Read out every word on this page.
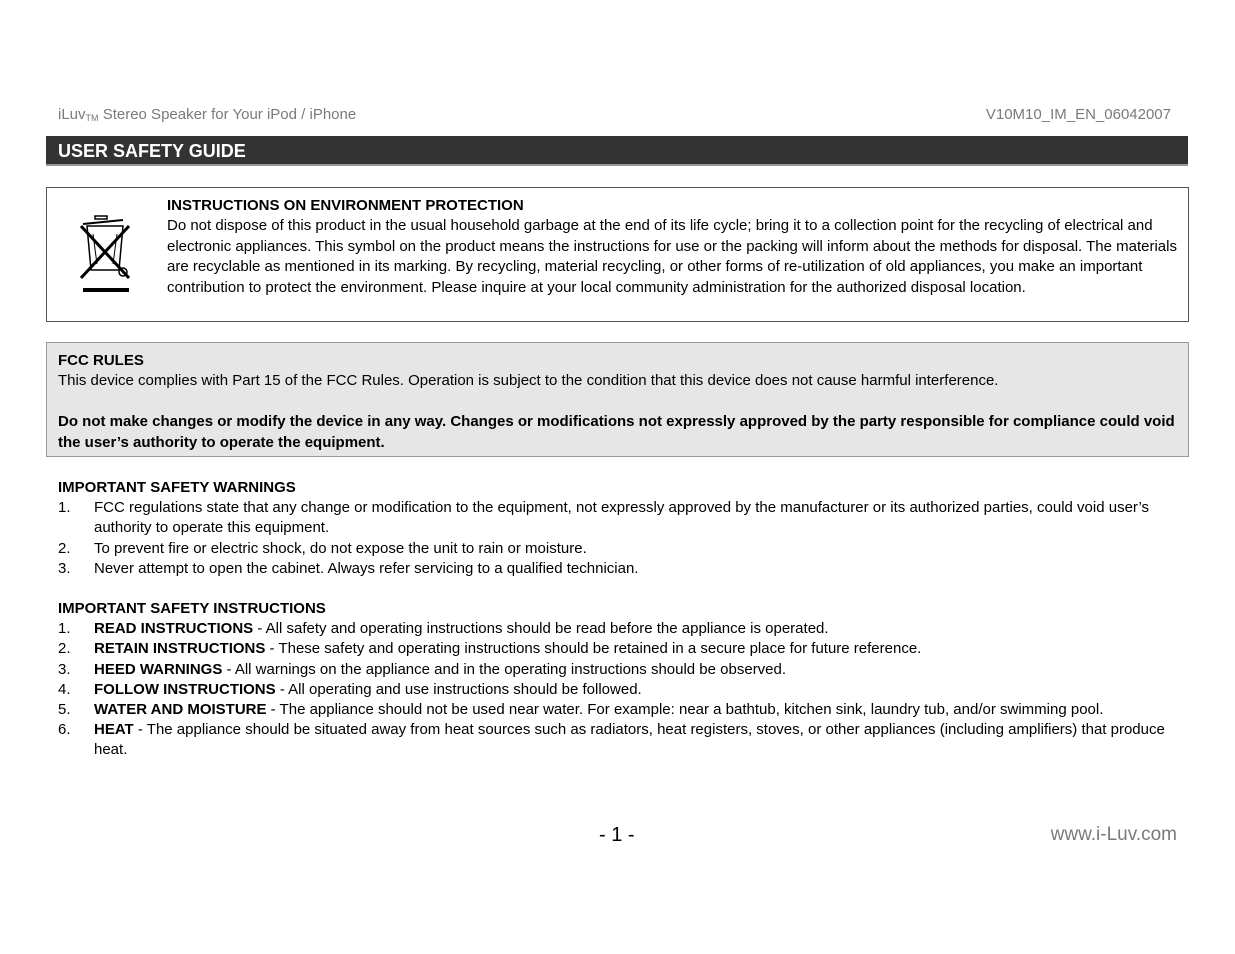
iLuv$_{TM}$ Stereo Speaker for Your iPod / iPhone	V10M10_IM_EN_06042007
USER SAFETY GUIDE
INSTRUCTIONS ON ENVIRONMENT PROTECTION
Do not dispose of this product in the usual household garbage at the end of its life cycle; bring it to a collection point for the recycling of electrical and electronic appliances. This symbol on the product means the instructions for use or the packing will inform about the methods for disposal. The materials are recyclable as mentioned in its marking. By recycling, material recycling, or other forms of re-utilization of old appliances, you make an important contribution to protect the environment. Please inquire at your local community administration for the authorized disposal location.
FCC RULES
This device complies with Part 15 of the FCC Rules. Operation is subject to the condition that this device does not cause harmful interference.
Do not make changes or modify the device in any way. Changes or modifications not expressly approved by the party responsible for compliance could void the user’s authority to operate the equipment.
IMPORTANT SAFETY WARNINGS
1. FCC regulations state that any change or modification to the equipment, not expressly approved by the manufacturer or its authorized parties, could void user’s authority to operate this equipment.
2. To prevent fire or electric shock, do not expose the unit to rain or moisture.
3. Never attempt to open the cabinet. Always refer servicing to a qualified technician.
IMPORTANT SAFETY INSTRUCTIONS
1. READ INSTRUCTIONS - All safety and operating instructions should be read before the appliance is operated.
2. RETAIN INSTRUCTIONS - These safety and operating instructions should be retained in a secure place for future reference.
3. HEED WARNINGS - All warnings on the appliance and in the operating instructions should be observed.
4. FOLLOW INSTRUCTIONS - All operating and use instructions should be followed.
5. WATER AND MOISTURE - The appliance should not be used near water. For example: near a bathtub, kitchen sink, laundry tub, and/or swimming pool.
6. HEAT - The appliance should be situated away from heat sources such as radiators, heat registers, stoves, or other appliances (including amplifiers) that produce heat.
- 1 -	www.i-Luv.com
